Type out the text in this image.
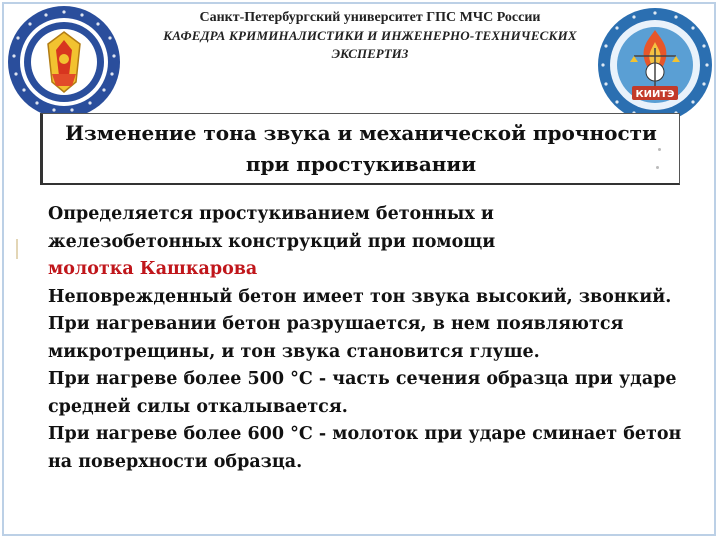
КИИТЭ
Санкт-Петербургский университет ГПС МЧС России
КАФЕДРА КРИМИНАЛИСТИКИ И ИНЖЕНЕРНО-ТЕХНИЧЕСКИХ
ЭКСПЕРТИЗ
Изменение тона звука и механической прочности
при простукивании
Определяется простукиванием бетонных и
железобетонных конструкций при помощи
молотка Кашкарова
Неповрежденный бетон имеет тон звука высокий, звонкий. При нагревании бетон разрушается, в нем появляются микротрещины, и тон звука становится глуше.
При нагреве более 500 °С - часть сечения образца при ударе средней силы откалывается.
При нагреве более 600 °С - молоток при ударе сминает бетон на поверхности образца.
